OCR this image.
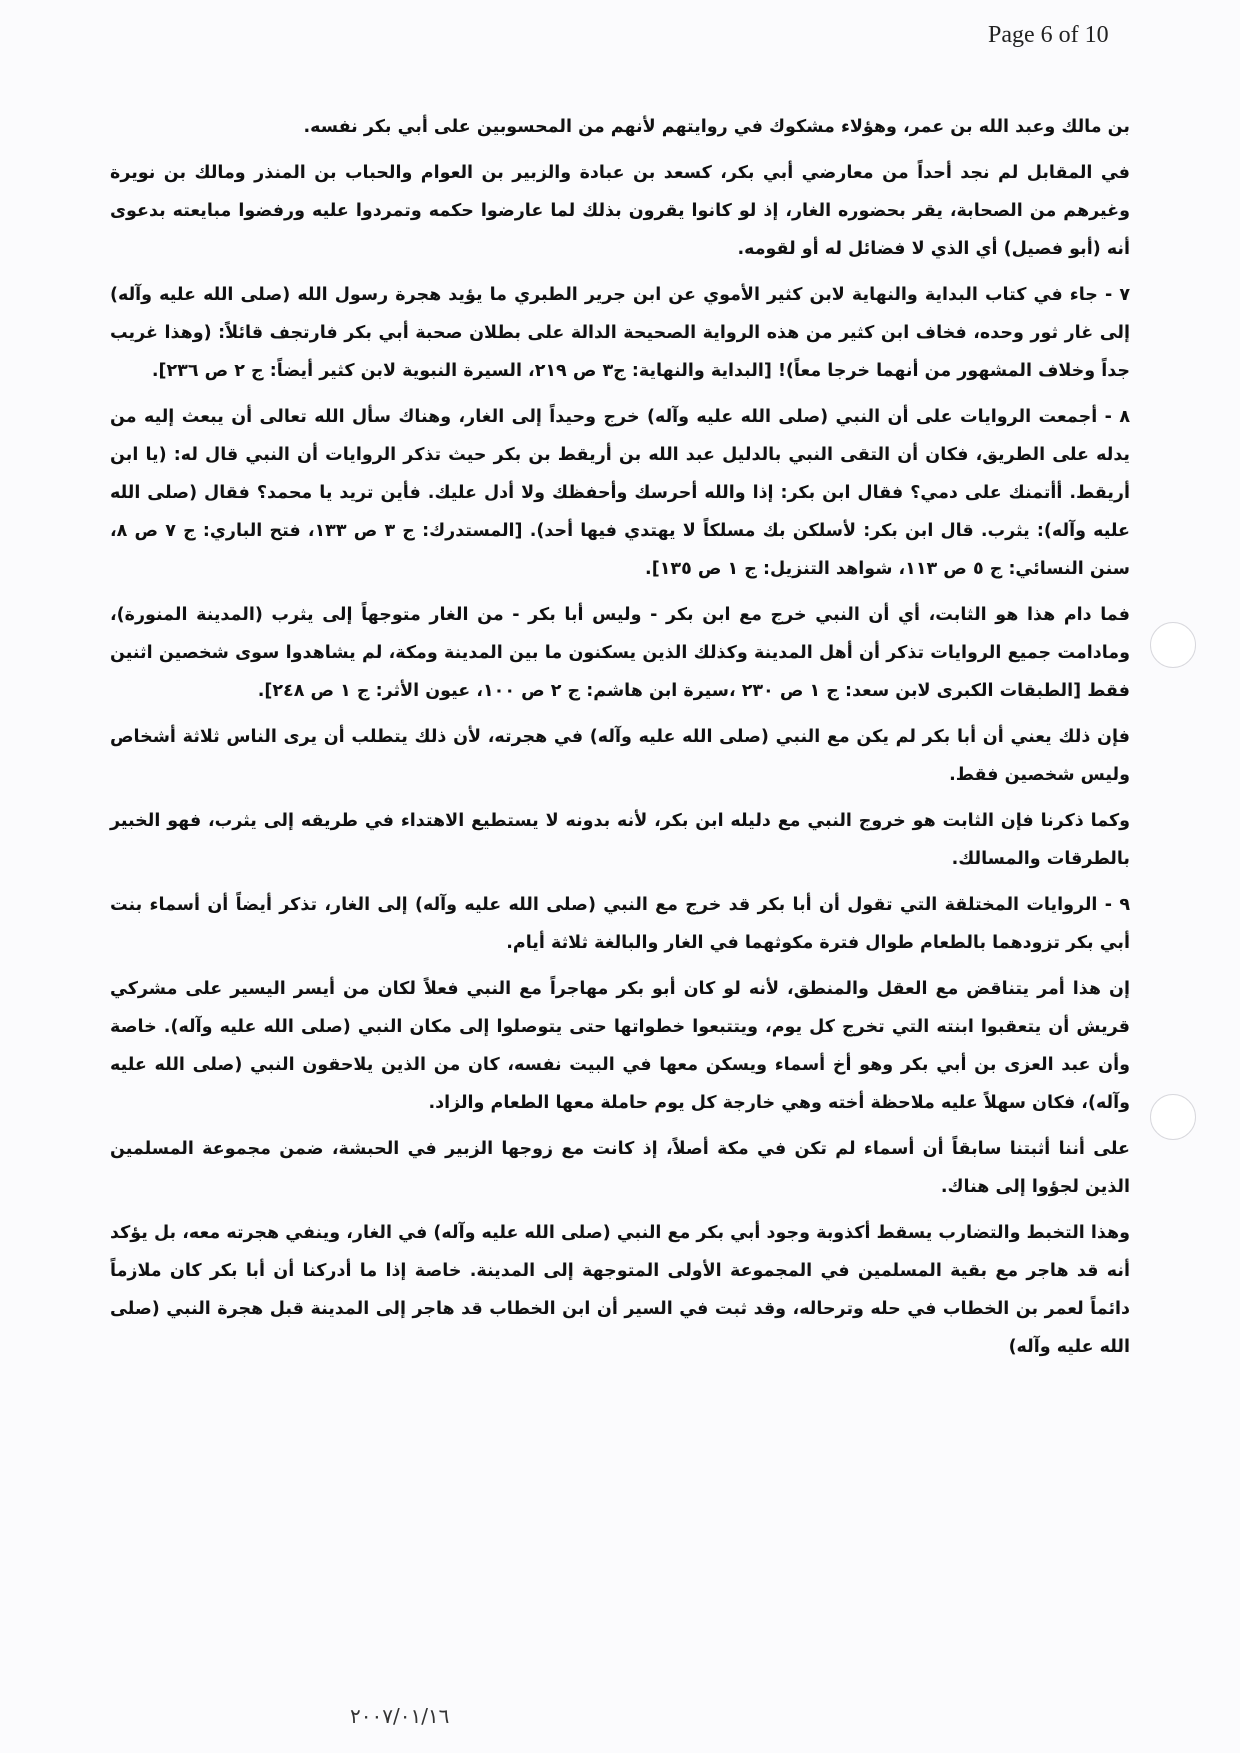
Page 6 of 10

بن مالك وعبد الله بن عمر، وهؤلاء مشكوك في روايتهم لأنهم من المحسوبين على أبي بكر نفسه.

في المقابل لم نجد أحداً من معارضي أبي بكر، كسعد بن عبادة والزبير بن العوام والحباب بن المنذر ومالك بن نويرة وغيرهم من الصحابة، يقر بحضوره الغار، إذ لو كانوا يقرون بذلك لما عارضوا حكمه وتمردوا عليه ورفضوا مبايعته بدعوى أنه (أبو فصيل) أي الذي لا فضائل له أو لقومه.

٧ - جاء في كتاب البداية والنهاية لابن كثير الأموي عن ابن جرير الطبري ما يؤيد هجرة رسول الله (صلى الله عليه وآله) إلى غار ثور وحده، فخاف ابن كثير من هذه الرواية الصحيحة الدالة على بطلان صحبة أبي بكر فارتجف قائلاً: (وهذا غريب جداً وخلاف المشهور من أنهما خرجا معاً)! [البداية والنهاية: ج٣ ص ٢١٩، السيرة النبوية لابن كثير أيضاً: ج ٢ ص ٢٣٦].

٨ - أجمعت الروايات على أن النبي (صلى الله عليه وآله) خرج وحيداً إلى الغار، وهناك سأل الله تعالى أن يبعث إليه من يدله على الطريق، فكان أن التقى النبي بالدليل عبد الله بن أريقط بن بكر حيث تذكر الروايات أن النبي قال له: (يا ابن أريقط. أأتمنك على دمي؟ فقال ابن بكر: إذا والله أحرسك وأحفظك ولا أدل عليك. فأين تريد يا محمد؟ فقال (صلى الله عليه وآله): يثرب. قال ابن بكر: لأسلكن بك مسلكاً لا يهتدي فيها أحد). [المستدرك: ج ٣ ص ١٣٣، فتح الباري: ج ٧ ص ٨، سنن النسائي: ج ٥ ص ١١٣، شواهد التنزيل: ج ١ ص ١٣٥].

فما دام هذا هو الثابت، أي أن النبي خرج مع ابن بكر - وليس أبا بكر - من الغار متوجهاً إلى يثرب (المدينة المنورة)، ومادامت جميع الروايات تذكر أن أهل المدينة وكذلك الذين يسكنون ما بين المدينة ومكة، لم يشاهدوا سوى شخصين اثنين فقط [الطبقات الكبرى لابن سعد: ج ١ ص ٢٣٠ ،سيرة ابن هاشم: ج ٢ ص ١٠٠، عيون الأثر: ج ١ ص ٢٤٨].

فإن ذلك يعني أن أبا بكر لم يكن مع النبي (صلى الله عليه وآله) في هجرته، لأن ذلك يتطلب أن يرى الناس ثلاثة أشخاص وليس شخصين فقط.

وكما ذكرنا فإن الثابت هو خروج النبي مع دليله ابن بكر، لأنه بدونه لا يستطيع الاهتداء في طريقه إلى يثرب، فهو الخبير بالطرقات والمسالك.

٩ - الروايات المختلقة التي تقول أن أبا بكر قد خرج مع النبي (صلى الله عليه وآله) إلى الغار، تذكر أيضاً أن أسماء بنت أبي بكر تزودهما بالطعام طوال فترة مكوثهما في الغار والبالغة ثلاثة أيام.

إن هذا أمر يتناقض مع العقل والمنطق، لأنه لو كان أبو بكر مهاجراً مع النبي فعلاً لكان من أيسر اليسير على مشركي قريش أن يتعقبوا ابنته التي تخرج كل يوم، ويتتبعوا خطواتها حتى يتوصلوا إلى مكان النبي (صلى الله عليه وآله). خاصة وأن عبد العزى بن أبي بكر وهو أخ أسماء ويسكن معها في البيت نفسه، كان من الذين يلاحقون النبي (صلى الله عليه وآله)، فكان سهلاً عليه ملاحظة أخته وهي خارجة كل يوم حاملة معها الطعام والزاد.

على أننا أثبتنا سابقاً أن أسماء لم تكن في مكة أصلاً، إذ كانت مع زوجها الزبير في الحبشة، ضمن مجموعة المسلمين الذين لجؤوا إلى هناك.

وهذا التخبط والتضارب يسقط أكذوبة وجود أبي بكر مع النبي (صلى الله عليه وآله) في الغار، وينفي هجرته معه، بل يؤكد أنه قد هاجر مع بقية المسلمين في المجموعة الأولى المتوجهة إلى المدينة. خاصة إذا ما أدركنا أن أبا بكر كان ملازماً دائماً لعمر بن الخطاب في حله وترحاله، وقد ثبت في السير أن ابن الخطاب قد هاجر إلى المدينة قبل هجرة النبي (صلى الله عليه وآله)

٢٠٠٧/٠١/١٦
